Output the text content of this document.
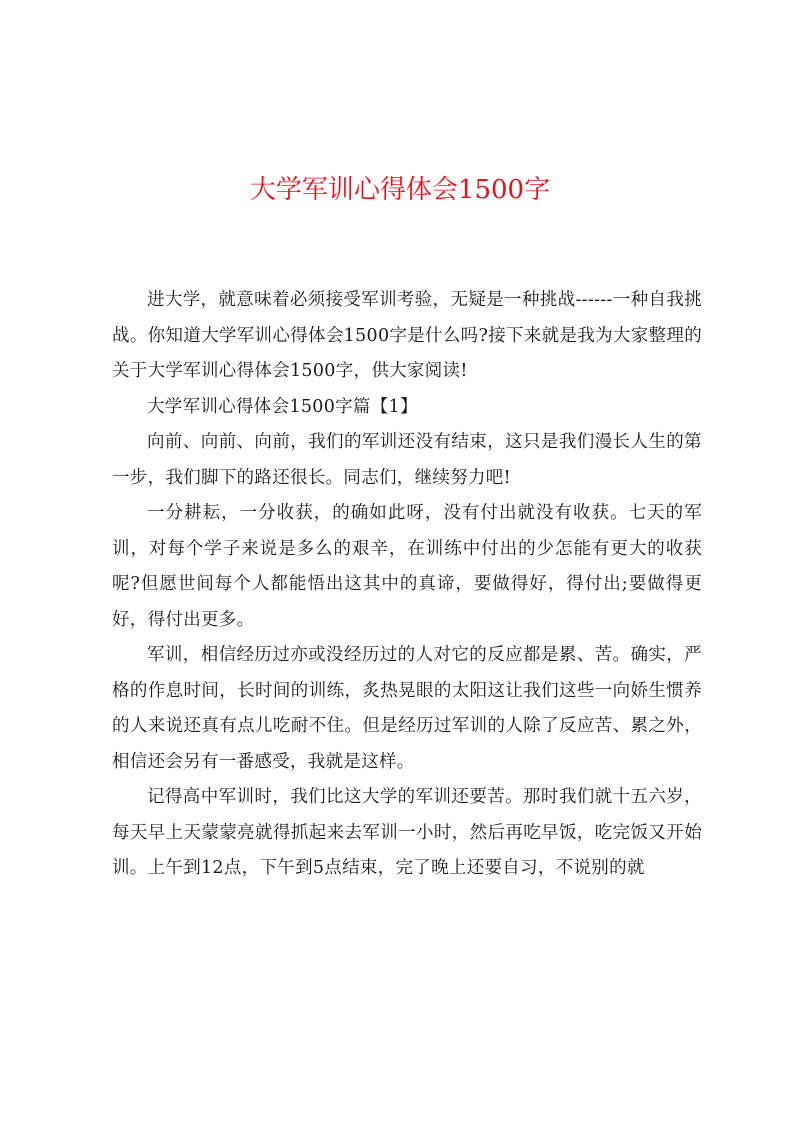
大学军训心得体会1500字

进大学，就意味着必须接受军训考验，无疑是一种挑战------一种自我挑战。你知道大学军训心得体会1500字是什么吗?接下来就是我为大家整理的关于大学军训心得体会1500字，供大家阅读!

大学军训心得体会1500字篇【1】

向前、向前、向前，我们的军训还没有结束，这只是我们漫长人生的第一步，我们脚下的路还很长。同志们，继续努力吧!

一分耕耘，一分收获，的确如此呀，没有付出就没有收获。七天的军训，对每个学子来说是多么的艰辛，在训练中付出的少怎能有更大的收获呢?但愿世间每个人都能悟出这其中的真谛，要做得好，得付出;要做得更好，得付出更多。

军训，相信经历过亦或没经历过的人对它的反应都是累、苦。确实，严格的作息时间，长时间的训练，炙热晃眼的太阳这让我们这些一向娇生惯养的人来说还真有点儿吃耐不住。但是经历过军训的人除了反应苦、累之外，相信还会另有一番感受，我就是这样。

记得高中军训时，我们比这大学的军训还要苦。那时我们就十五六岁，每天早上天蒙蒙亮就得抓起来去军训一小时，然后再吃早饭，吃完饭又开始训。上午到12点，下午到5点结束，完了晚上还要自习，不说别的就
